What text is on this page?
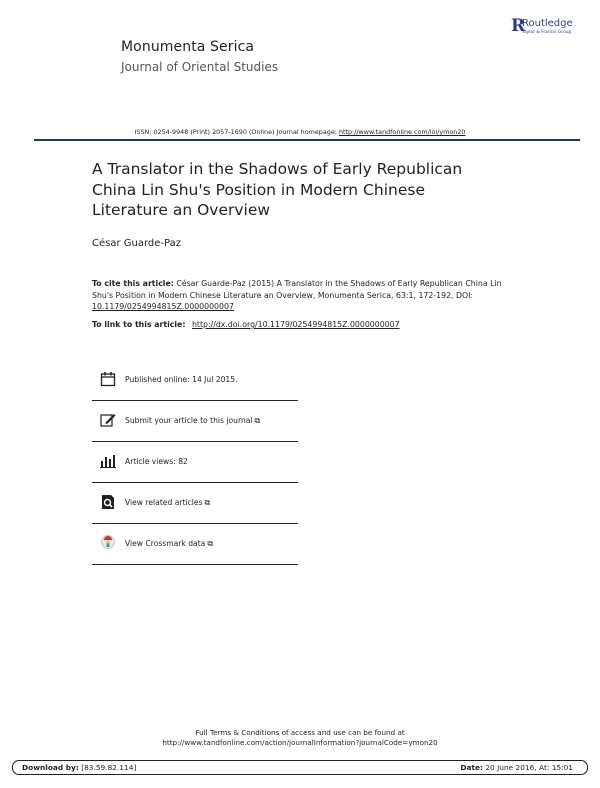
Monumenta Serica
Journal of Oriental Studies
R
Routledge
Taylor & Francis Group
ISSN: 0254-9948 (Print) 2057-1690 (Online) Journal homepage: http://www.tandfonline.com/loi/ymon20
A Translator in the Shadows of Early Republican China Lin Shu's Position in Modern Chinese Literature an Overview
César Guarde-Paz
To cite this article: César Guarde-Paz (2015) A Translator in the Shadows of Early Republican China Lin Shu's Position in Modern Chinese Literature an Overview, Monumenta Serica, 63:1, 172-192, DOI: 10.1179/0254994815Z.0000000007
To link to this article: http://dx.doi.org/10.1179/0254994815Z.0000000007
Published online: 14 Jul 2015.
Submit your article to this journal ⧉
Article views: 82
View related articles ⧉
View Crossmark data ⧉
Full Terms & Conditions of access and use can be found at
http://www.tandfonline.com/action/journalInformation?journalCode=ymon20
Download by: [83.59.82.114]	Date: 20 June 2016, At: 15:01
